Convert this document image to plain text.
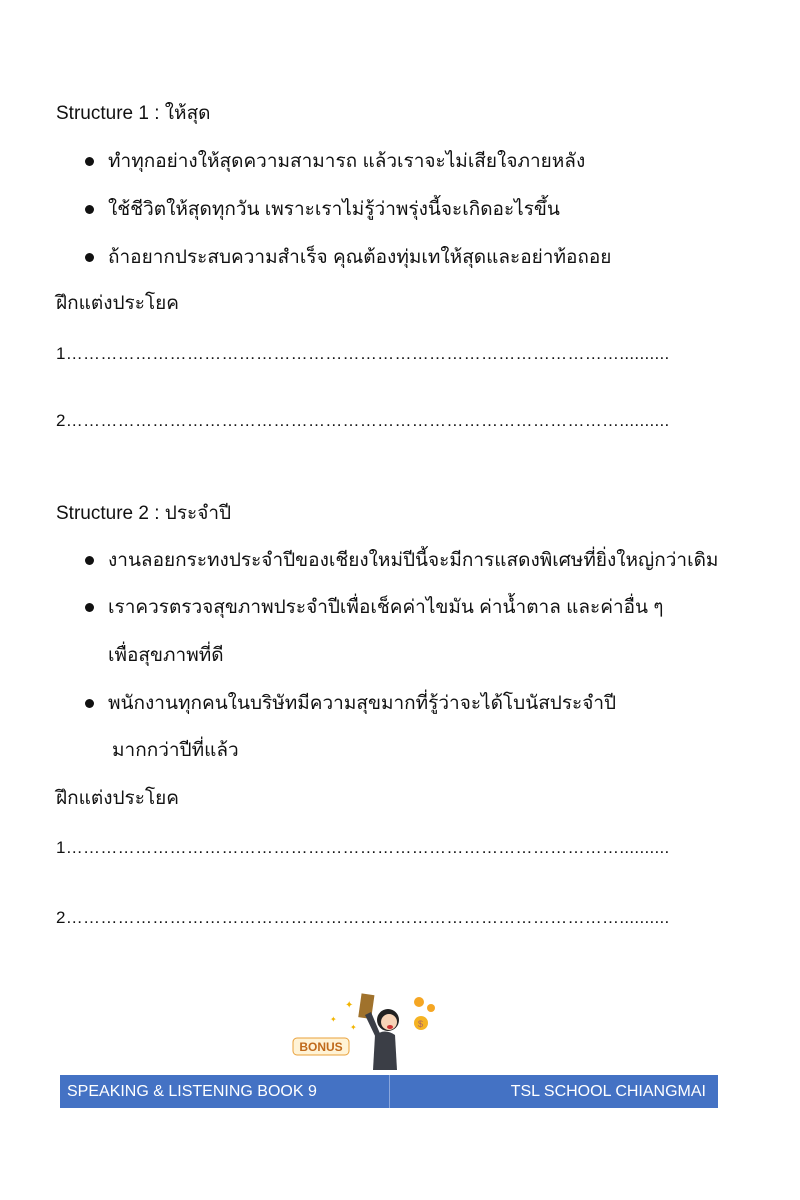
Structure 1 : ให้สุด
ทำทุกอย่างให้สุดความสามารถ แล้วเราจะไม่เสียใจภายหลัง
ใช้ชีวิตให้สุดทุกวัน เพราะเราไม่รู้ว่าพรุ่งนี้จะเกิดอะไรขึ้น
ถ้าอยากประสบความสำเร็จ คุณต้องทุ่มเทให้สุดและอย่าท้อถอย
ฝึกแต่งประโยค
1……………………………………………………………………………………..........
2……………………………………………………………………………………..........
Structure 2 : ประจำปี
งานลอยกระทงประจำปีของเชียงใหม่ปีนี้จะมีการแสดงพิเศษที่ยิ่งใหญ่กว่าเดิม
เราควรตรวจสุขภาพประจำปีเพื่อเช็คค่าไขมัน ค่าน้ำตาล และค่าอื่น ๆ
เพื่อสุขภาพที่ดี
พนักงานทุกคนในบริษัทมีความสุขมากที่รู้ว่าจะได้โบนัสประจำปี
มากกว่าปีที่แล้ว
ฝึกแต่งประโยค
1……………………………………………………………………………………..........
2……………………………………………………………………………………..........
✦
✦
✦	$
BONUS
SPEAKING & LISTENING BOOK 9	TSL SCHOOL CHIANGMAI
